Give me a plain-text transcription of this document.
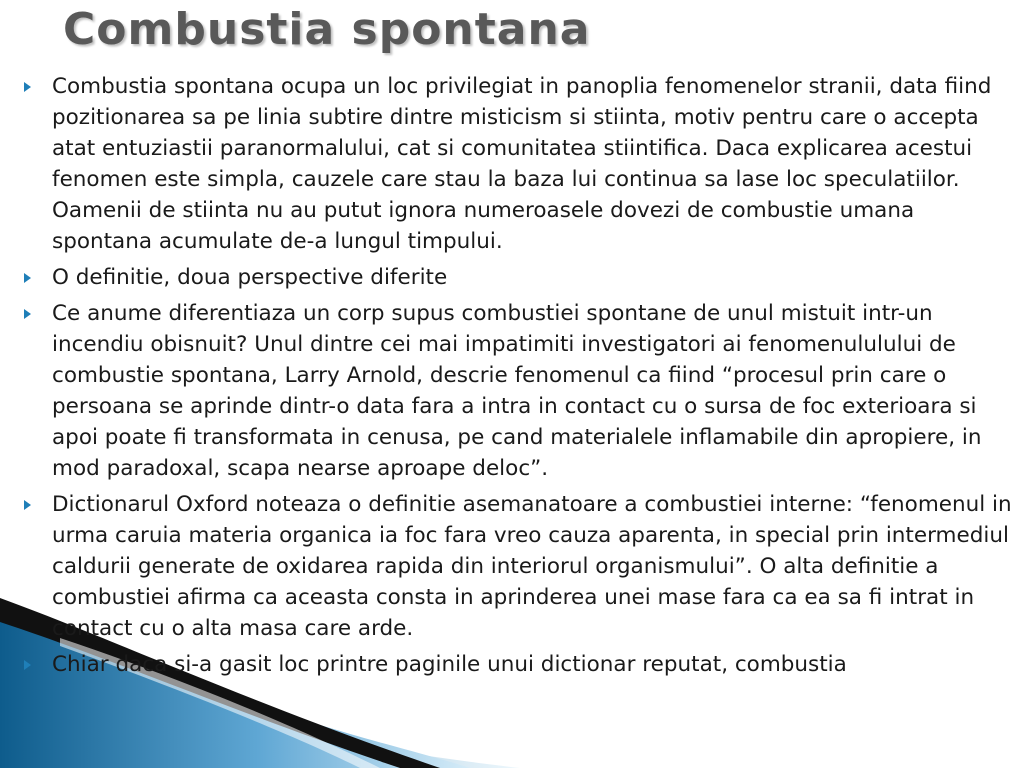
Combustia spontana
Combustia spontana ocupa un loc privilegiat in panoplia fenomenelor stranii, data fiind pozitionarea sa pe linia subtire dintre misticism si stiinta, motiv pentru care o accepta atat entuziastii paranormalului, cat si comunitatea stiintifica. Daca explicarea acestui fenomen este simpla, cauzele care stau la baza lui continua sa lase loc speculatiilor. Oamenii de stiinta nu au putut ignora numeroasele dovezi de combustie umana spontana acumulate de-a lungul timpului.
O definitie, doua perspective diferite
Ce anume diferentiaza un corp supus combustiei spontane de unul mistuit intr-un incendiu obisnuit? Unul dintre cei mai impatimiti investigatori ai fenomenululului de combustie spontana, Larry Arnold, descrie fenomenul ca fiind “procesul prin care o persoana se aprinde dintr-o data fara a intra in contact cu o sursa de foc exterioara si apoi poate fi transformata in cenusa, pe cand materialele inflamabile din apropiere, in mod paradoxal, scapa nearse aproape deloc”.
Dictionarul Oxford noteaza o definitie asemanatoare a combustiei interne: “fenomenul in urma caruia materia organica ia foc fara vreo cauza aparenta, in special prin intermediul caldurii generate de oxidarea rapida din interiorul organismului”. O alta definitie a combustiei afirma ca aceasta consta in aprinderea unei mase fara ca ea sa fi intrat in contact cu o alta masa care arde.
Chiar daca si-a gasit loc printre paginile unui dictionar reputat, combustia
